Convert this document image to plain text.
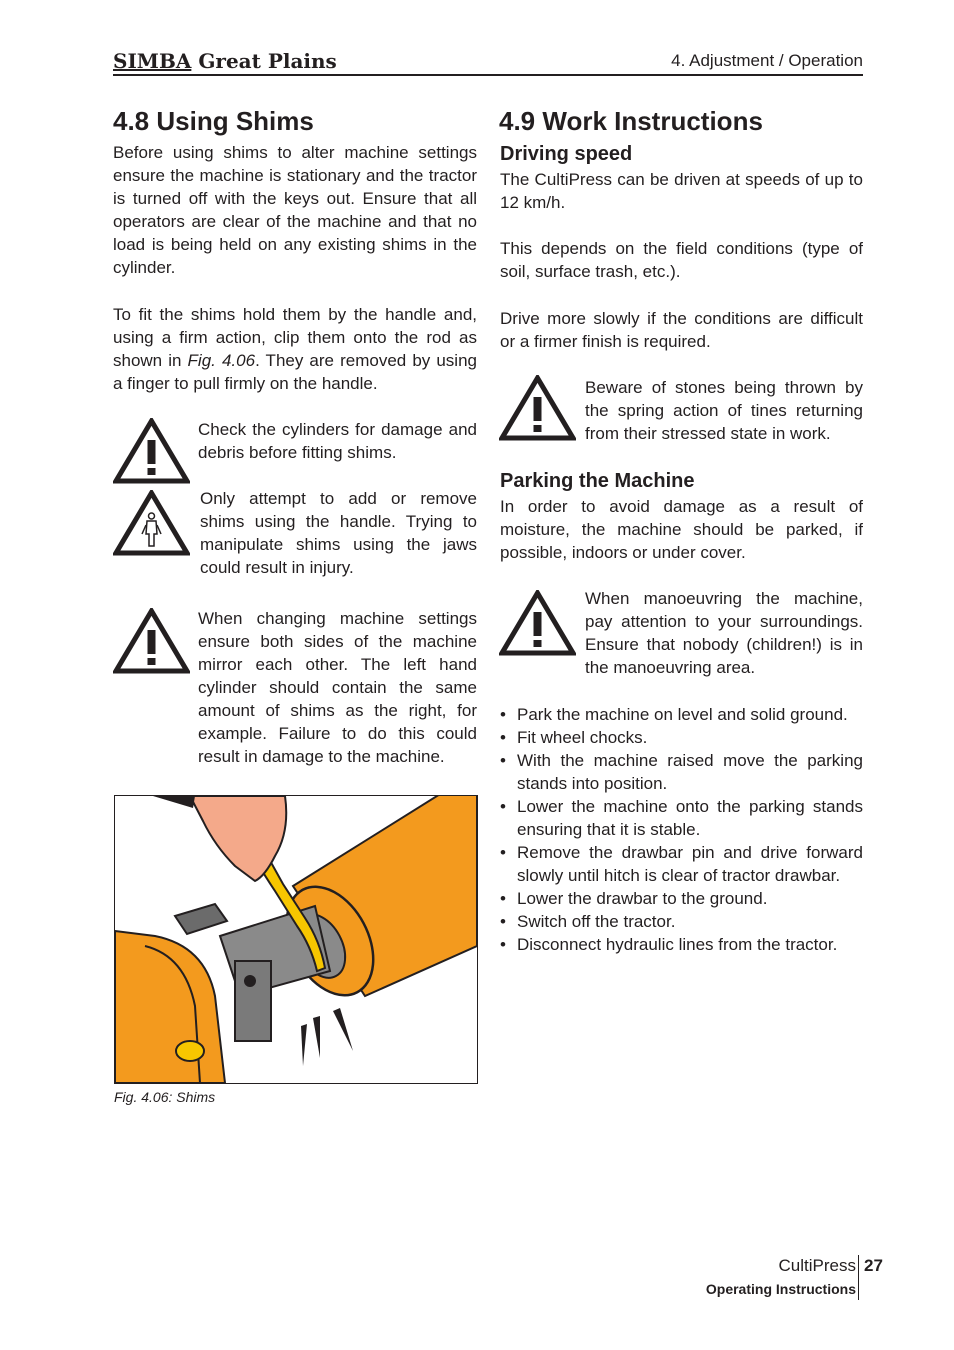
SIMBA Great Plains	4. Adjustment / Operation
4.8 Using Shims
Before using shims to alter machine settings ensure the machine is stationary and the tractor is turned off with the keys out. Ensure that all operators are clear of the machine and that no load is being held on any existing shims in the cylinder.
To fit the shims hold them by the handle and, using a firm action, clip them onto the rod as shown in Fig. 4.06. They are removed by using a finger to pull firmly on the handle.
Check the cylinders for damage and debris before fitting shims.
Only attempt to add or remove shims using the handle. Trying to manipulate shims using the jaws could result in injury.
When changing machine settings ensure both sides of the machine mirror each other. The left hand cylinder should contain the same amount of shims as the right, for example. Failure to do this could result in damage to the machine.
Fig. 4.06: Shims
4.9 Work Instructions
Driving speed
The CultiPress can be driven at speeds of up to 12 km/h.
This depends on the field conditions (type of soil, surface trash, etc.).
Drive more slowly if the conditions are difficult or a firmer finish is required.
Beware of stones being thrown by the spring action of tines returning from their stressed state in work.
Parking the Machine
In order to avoid damage as a result of moisture, the machine should be parked, if possible, indoors or under cover.
When manoeuvring the machine, pay attention to your surroundings. Ensure that nobody (children!) is in the manoeuvring area.
• Park the machine on level and solid ground.
• Fit wheel chocks.
• With the machine raised move the parking stands into position.
• Lower the machine onto the parking stands ensuring that it is stable.
• Remove the drawbar pin and drive forward slowly until hitch is clear of tractor drawbar.
• Lower the drawbar to the ground.
• Switch off the tractor.
• Disconnect hydraulic lines from the tractor.
CultiPress 27
Operating Instructions
